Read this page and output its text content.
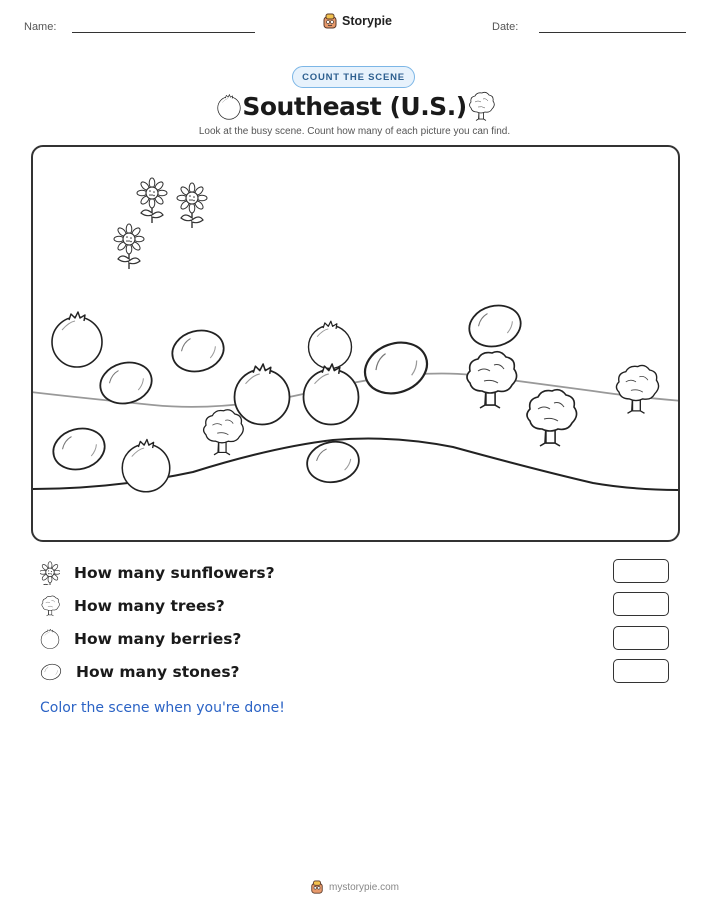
Name:	Storypie	Date:
COUNT THE SCENE
Southeast (U.S.)
Look at the busy scene. Count how many of each picture you can find.
How many sunflowers?
How many trees?
How many berries?
How many stones?
Color the scene when you're done!
mystorypie.com
